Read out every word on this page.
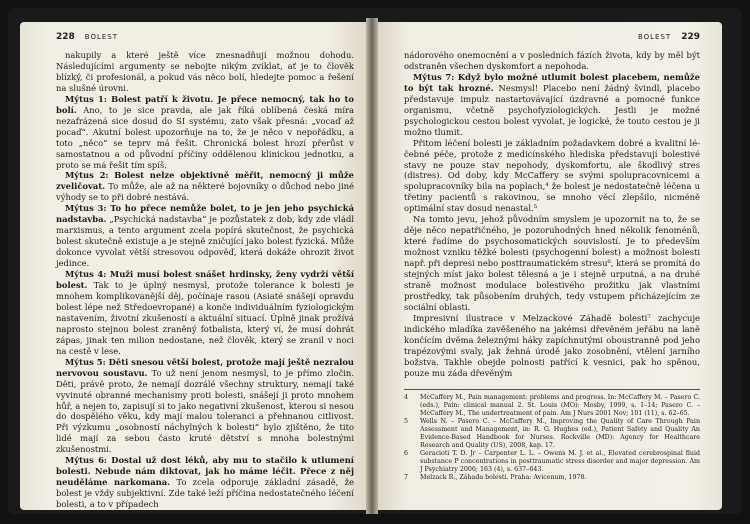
228 BOLEST

nakupily a které ještě více znesnadňují možnou dohodu. Následujícími argumenty se nebojte nikým zviklat, ať je to člověk blízký, či profesionál, a pokud vás něco bolí, hledejte pomoc a řešení na slušné úrovni.

Mýtus 1: Bolest patří k životu. Je přece nemocný, tak ho to bolí. Ano, to je sice pravda, ale jak říká oblíbená česká míra nezafrázená sice dosud do SI systému, zato však přesná: „vocaď až pocaď“. Akutní bolest upozorňuje na to, že je něco v nepořádku, a toto „něco“ se teprv má řešit. Chronická bolest hrozí přerůst v samostatnou a od původní příčiny oddělenou klinickou jednotku, a proto se má řešit tím spíš.

Mýtus 2: Bolest nelze objektivně měřit, nemocný ji může zveličovat. To může, ale až na některé bojovníky o důchod nebo jiné výhody se to při dobré nestává.

Mýtus 3: To ho přece nemůže bolet, to je jen jeho psychická nadstavba. „Psychická nadstavba“ je pozůstatek z dob, kdy zde vládl marxismus, a tento argument zcela popírá skutečnost, že psychická bolest skutečně existuje a je stejně zničující jako bolest fyzická. Může dokonce vyvolat větší stresovou odpověď, která dokáže ohrozit život jedince.

Mýtus 4: Muži musí bolest snášet hrdinsky, ženy vydrží větší bolest. Tak to je úplný nesmysl, protože tolerance k bolesti je mnohem komplikovanější děj, počínaje rasou (Asiaté snášejí opravdu bolest lépe než Středoevropané) a konče individuálním fyziologickým nastavením, životní zkušeností a aktuální situací. Úplně jinak prožívá naprosto stejnou bolest zraněný fotbalista, který ví, že musí dohrát zápas, jinak ten milion nedostane, než člověk, který se zranil v noci na cestě v lese.

Mýtus 5: Děti snesou větší bolest, protože mají ještě nezralou nervovou soustavu. To už není jenom nesmysl, to je přímo zločin. Děti, právě proto, že nemají dozrálé všechny struktury, nemají také vyvinuté obranné mechanismy proti bolesti, snášejí ji proto mnohem hůř, a nejen to, zapisují si to jako negativní zkušenost, kterou si nesou do dospělého věku, kdy mají malou toleranci a přehnanou citlivost. Při výzkumu „osobností náchylných k bolesti“ bylo zjištěno, že tito lidé mají za sebou často kruté dětství s mnoha bolestnými zkušenostmi.

Mýtus 6: Dostal už dost léků, aby mu to stačilo k utlumení bolesti. Nebude nám diktovat, jak ho máme léčit. Přece z něj neuděláme narkomana. To zcela odporuje základní zásadě, že bolest je vždy subjektivní. Zde také leží příčina nedostatečného léčení bolesti, a to v případech

BOLEST 229

nádorového onemocnění a v posledních fázích života, kdy by měl být odstraněn všechen dyskomfort a nepohoda.

Mýtus 7: Když bylo možné utlumit bolest placebem, nemůže to být tak hrozné. Nesmysl! Placebo není žádný švindl, placebo představuje impulz nastartovávající úzdravné a pomocné funkce organismu, včetně psychofyziologických. Jestli je možné psychologickou cestou bolest vyvolat, je logické, že touto cestou je ji možno tlumit.

Přitom léčení bolesti je základním požadavkem dobré a kvalitní léčebné péče, protože z medicínského hlediska představují bolestivé stavy ne pouze stav nepohody, dyskomfortu, ale škodlivý stres (distres). Od doby, kdy McCaffery se svými spolupracovnicemi a spolupracovníky bila na poplach,⁴ že bolest je nedostatečně léčena u třetiny pacientů s rakovinou, se mnoho věcí zlepšilo, nicméně optimální stav dosud nenastal.⁵

Na tomto jevu, jehož původním smyslem je upozornit na to, že se děje něco nepatřičného, je pozoruhodných hned několik fenoménů, které řadíme do psychosomatických souvislostí. Je to především možnost vzniku těžké bolesti (psychogenní bolest) a možnost bolesti např. při depresi nebo posttraumatickém stresu⁶, která se promítá do stejných míst jako bolest tělesná a je i stejně urputná, a na druhé straně možnost modulace bolestivého prožitku jak vlastními prostředky, tak působením druhých, tedy vstupem přicházejícím ze sociální oblasti.

Impresivní ilustrace v Melzackové Záhadě bolesti⁷ zachycuje indického mladíka zavěšeného na jakémsi dřevěném jeřábu na laně končícím dvěma železnými háky zapíchnutými oboustranně pod jeho trapézovými svaly, jak žehná úrodě jako zosobnění, vtělení jarního božstva. Takhle obejde polnosti patřící k vesnici, pak ho spěnou, pouze mu záda dřevěným

4 McCaffery M., Pain management: problems and progress. In: McCaffery M. – Pasero C. (eds.), Pain: clinical manual 2. St. Louis (MO): Mosby, 1999, s. 1–14; Pasero C. – McCaffery M., The undertreatment of pain. Am J Nurs 2001 Nov; 101 (11), s. 62–65.

5 Wells N. – Pasero C. – McCaffery M., Improving the Quality of Care Through Pain Assessment and Management, in: R. G. Hughes (ed.), Patient Safety and Quality An Evidence-Based Handbook for Nurses. Rockville (MD): Agency for Healthcare Research and Quality (US), 2008, kap. 17.

6 Geracioti T. D. Jr – Carpenter L. L. – Owens M. J. et al., Elevated cerebrospinal fluid substance P concentrations in posttraumatic stress disorder and major depression. Am J Psychiatry 2006; 163 (4), s. 637–643.

7 Melzack R., Záhada bolesti. Praha: Avicenum, 1978.
